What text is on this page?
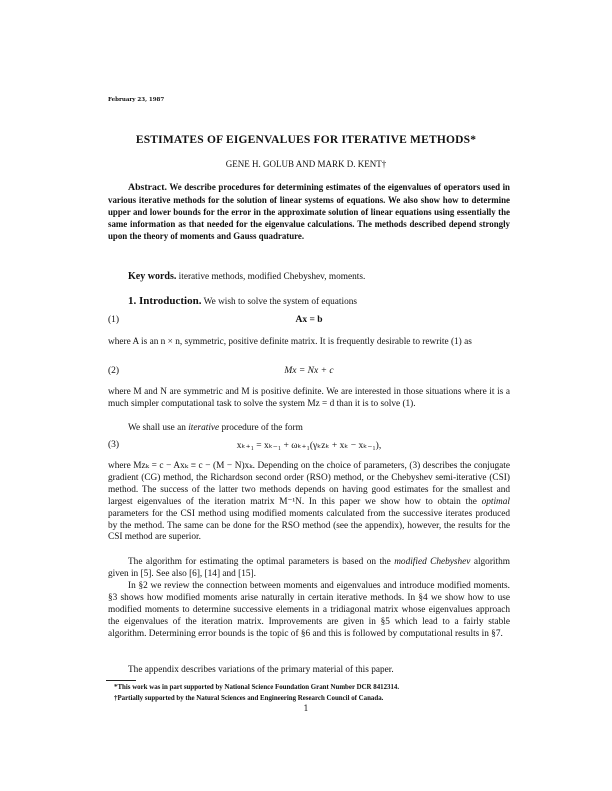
February 23, 1987
ESTIMATES OF EIGENVALUES FOR ITERATIVE METHODS*
GENE H. GOLUB AND MARK D. KENT†
Abstract. We describe procedures for determining estimates of the eigenvalues of operators used in various iterative methods for the solution of linear systems of equations. We also show how to determine upper and lower bounds for the error in the approximate solution of linear equations using essentially the same information as that needed for the eigenvalue calculations. The methods described depend strongly upon the theory of moments and Gauss quadrature.
Key words. iterative methods, modified Chebyshev, moments.
1. Introduction. We wish to solve the system of equations
(1)	Ax = b
where A is an n × n, symmetric, positive definite matrix. It is frequently desirable to rewrite (1) as
(2)	Mx = Nx + c
where M and N are symmetric and M is positive definite. We are interested in those situations where it is a much simpler computational task to solve the system Mz = d than it is to solve (1).
We shall use an iterative procedure of the form
(3)	xₖ₊₁ = xₖ₋₁ + ωₖ₊₁(γₖzₖ + xₖ − xₖ₋₁),
where Mzₖ = c − Axₖ ≡ c − (M − N)xₖ. Depending on the choice of parameters, (3) describes the conjugate gradient (CG) method, the Richardson second order (RSO) method, or the Chebyshev semi-iterative (CSI) method. The success of the latter two methods depends on having good estimates for the smallest and largest eigenvalues of the iteration matrix M⁻¹N. In this paper we show how to obtain the optimal parameters for the CSI method using modified moments calculated from the successive iterates produced by the method. The same can be done for the RSO method (see the appendix), however, the results for the CSI method are superior.
The algorithm for estimating the optimal parameters is based on the modified Chebyshev algorithm given in [5]. See also [6], [14] and [15].
In §2 we review the connection between moments and eigenvalues and introduce modified moments. §3 shows how modified moments arise naturally in certain iterative methods. In §4 we show how to use modified moments to determine successive elements in a tridiagonal matrix whose eigenvalues approach the eigenvalues of the iteration matrix. Improvements are given in §5 which lead to a fairly stable algorithm. Determining error bounds is the topic of §6 and this is followed by computational results in §7.
The appendix describes variations of the primary material of this paper.
*This work was in part supported by National Science Foundation Grant Number DCR 8412314.
†Partially supported by the Natural Sciences and Engineering Research Council of Canada.
1
